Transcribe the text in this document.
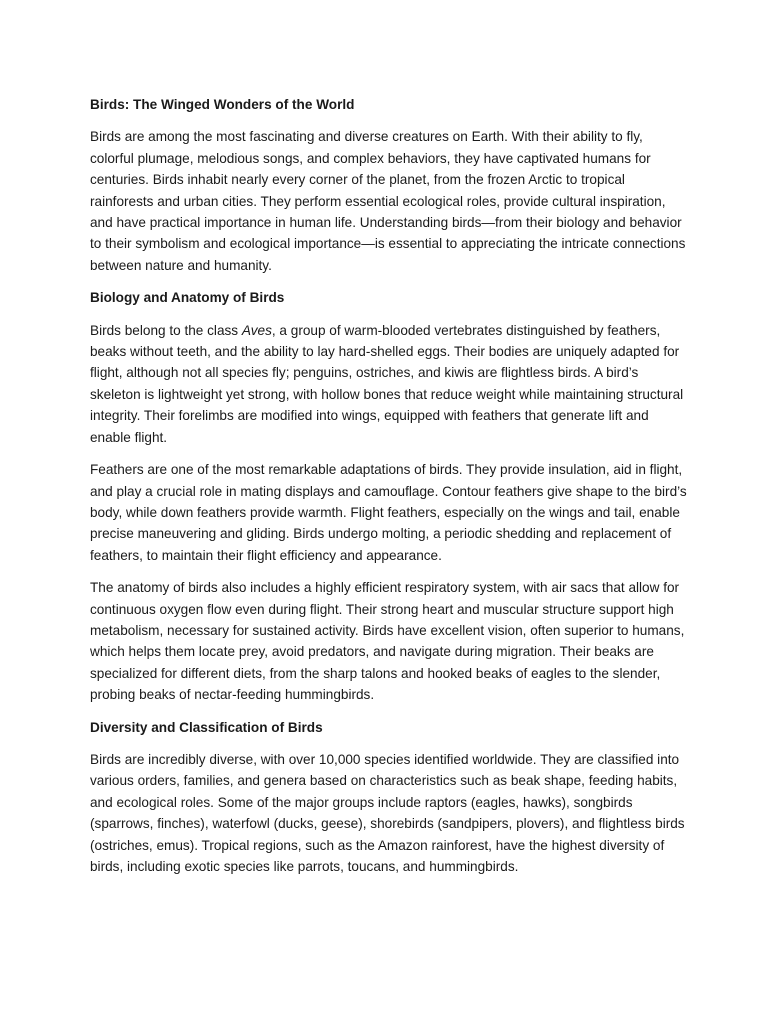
Birds: The Winged Wonders of the World

Birds are among the most fascinating and diverse creatures on Earth. With their ability to fly, colorful plumage, melodious songs, and complex behaviors, they have captivated humans for centuries. Birds inhabit nearly every corner of the planet, from the frozen Arctic to tropical rainforests and urban cities. They perform essential ecological roles, provide cultural inspiration, and have practical importance in human life. Understanding birds—from their biology and behavior to their symbolism and ecological importance—is essential to appreciating the intricate connections between nature and humanity.

Biology and Anatomy of Birds

Birds belong to the class Aves, a group of warm-blooded vertebrates distinguished by feathers, beaks without teeth, and the ability to lay hard-shelled eggs. Their bodies are uniquely adapted for flight, although not all species fly; penguins, ostriches, and kiwis are flightless birds. A bird’s skeleton is lightweight yet strong, with hollow bones that reduce weight while maintaining structural integrity. Their forelimbs are modified into wings, equipped with feathers that generate lift and enable flight.

Feathers are one of the most remarkable adaptations of birds. They provide insulation, aid in flight, and play a crucial role in mating displays and camouflage. Contour feathers give shape to the bird’s body, while down feathers provide warmth. Flight feathers, especially on the wings and tail, enable precise maneuvering and gliding. Birds undergo molting, a periodic shedding and replacement of feathers, to maintain their flight efficiency and appearance.

The anatomy of birds also includes a highly efficient respiratory system, with air sacs that allow for continuous oxygen flow even during flight. Their strong heart and muscular structure support high metabolism, necessary for sustained activity. Birds have excellent vision, often superior to humans, which helps them locate prey, avoid predators, and navigate during migration. Their beaks are specialized for different diets, from the sharp talons and hooked beaks of eagles to the slender, probing beaks of nectar-feeding hummingbirds.

Diversity and Classification of Birds

Birds are incredibly diverse, with over 10,000 species identified worldwide. They are classified into various orders, families, and genera based on characteristics such as beak shape, feeding habits, and ecological roles. Some of the major groups include raptors (eagles, hawks), songbirds (sparrows, finches), waterfowl (ducks, geese), shorebirds (sandpipers, plovers), and flightless birds (ostriches, emus). Tropical regions, such as the Amazon rainforest, have the highest diversity of birds, including exotic species like parrots, toucans, and hummingbirds.
